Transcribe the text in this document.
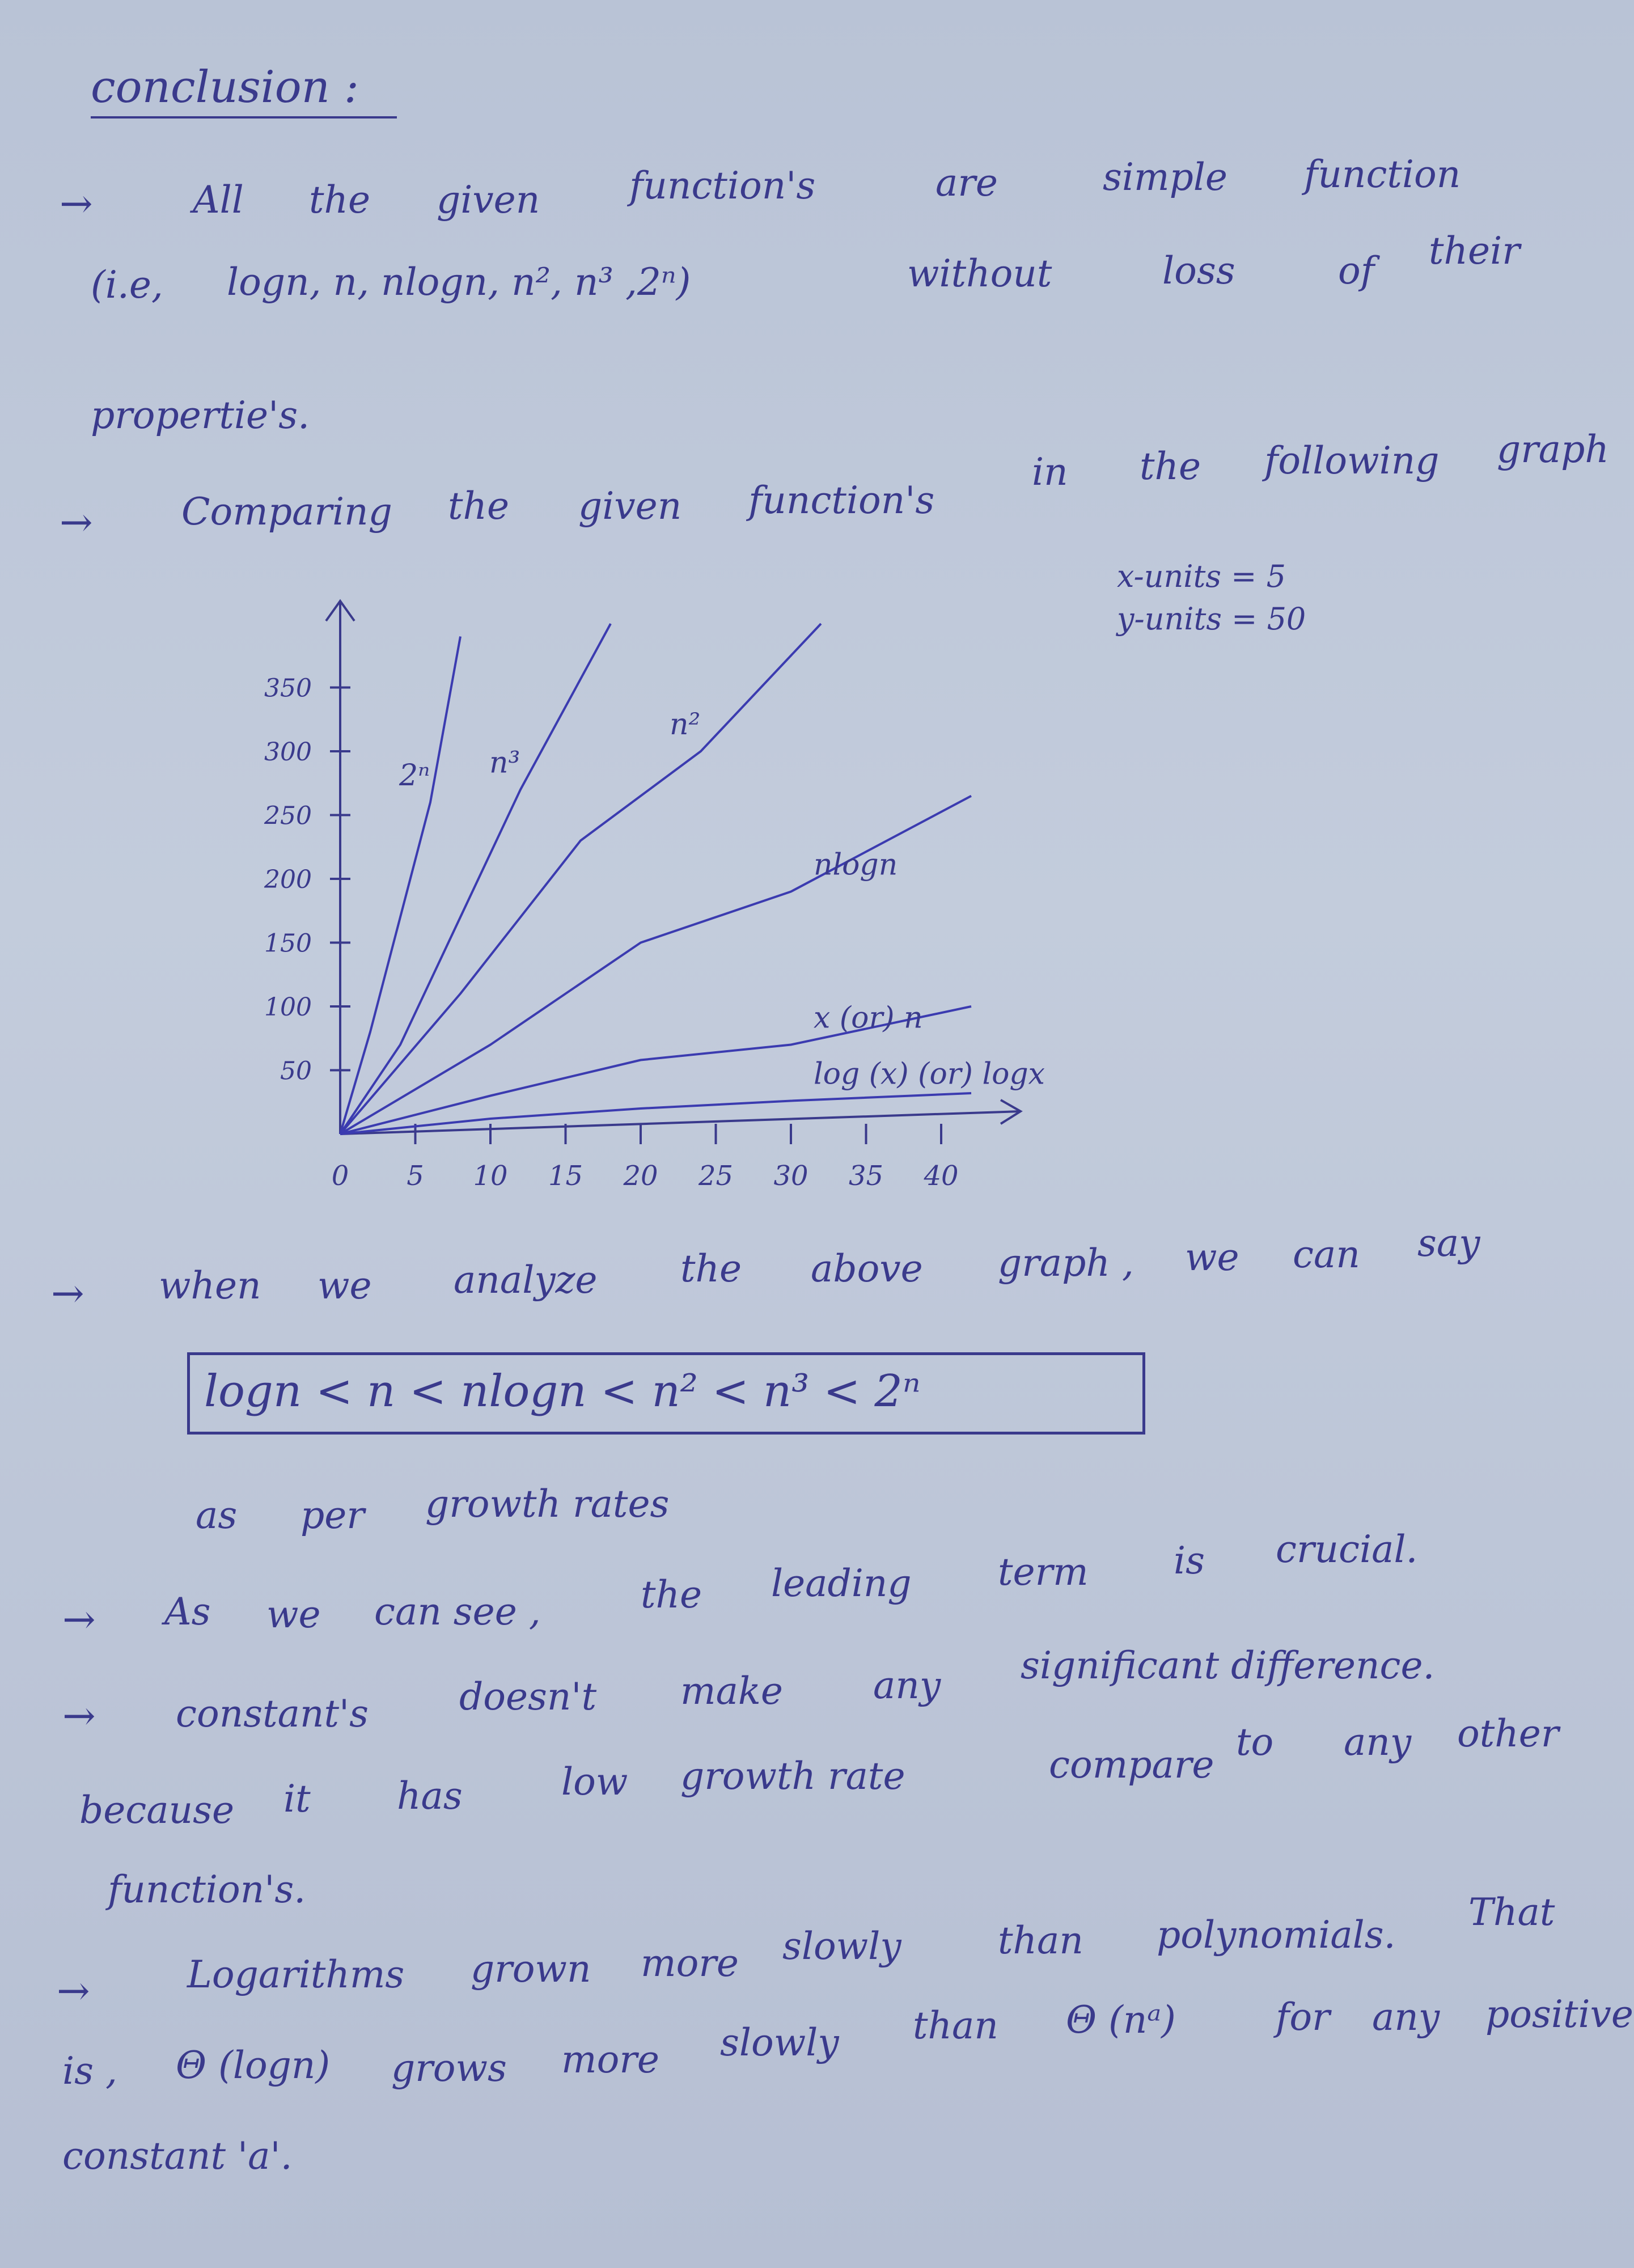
conclusion :
→	All the given function's	are	simple function
(i.e, logn, n, nlogn, n², n³ ,2ⁿ)	without	loss	of their
propertie's.
→ Comparing the given function's
in the following graph
x-units = 5
y-units = 50
0 5 10 15 20 25 30 35 40
50
100
150
200
250
300
350
2ⁿ n³
n²
nlogn
x (or) n
log (x) (or) logx
→ when we analyze the above graph , we can say
logn < n < nlogn < n² < n³ < 2ⁿ
as per growth rates
→ As we can see ,	the leading term is crucial.
→ constant's doesn't make any significant difference.
because it has	low growth rate	compare
to any other
function's.
→	Logarithms grown more slowly	than polynomials.
That
is , Θ (logn) grows more slowly than Θ (nᵃ)	for any positive
constant 'a'.
